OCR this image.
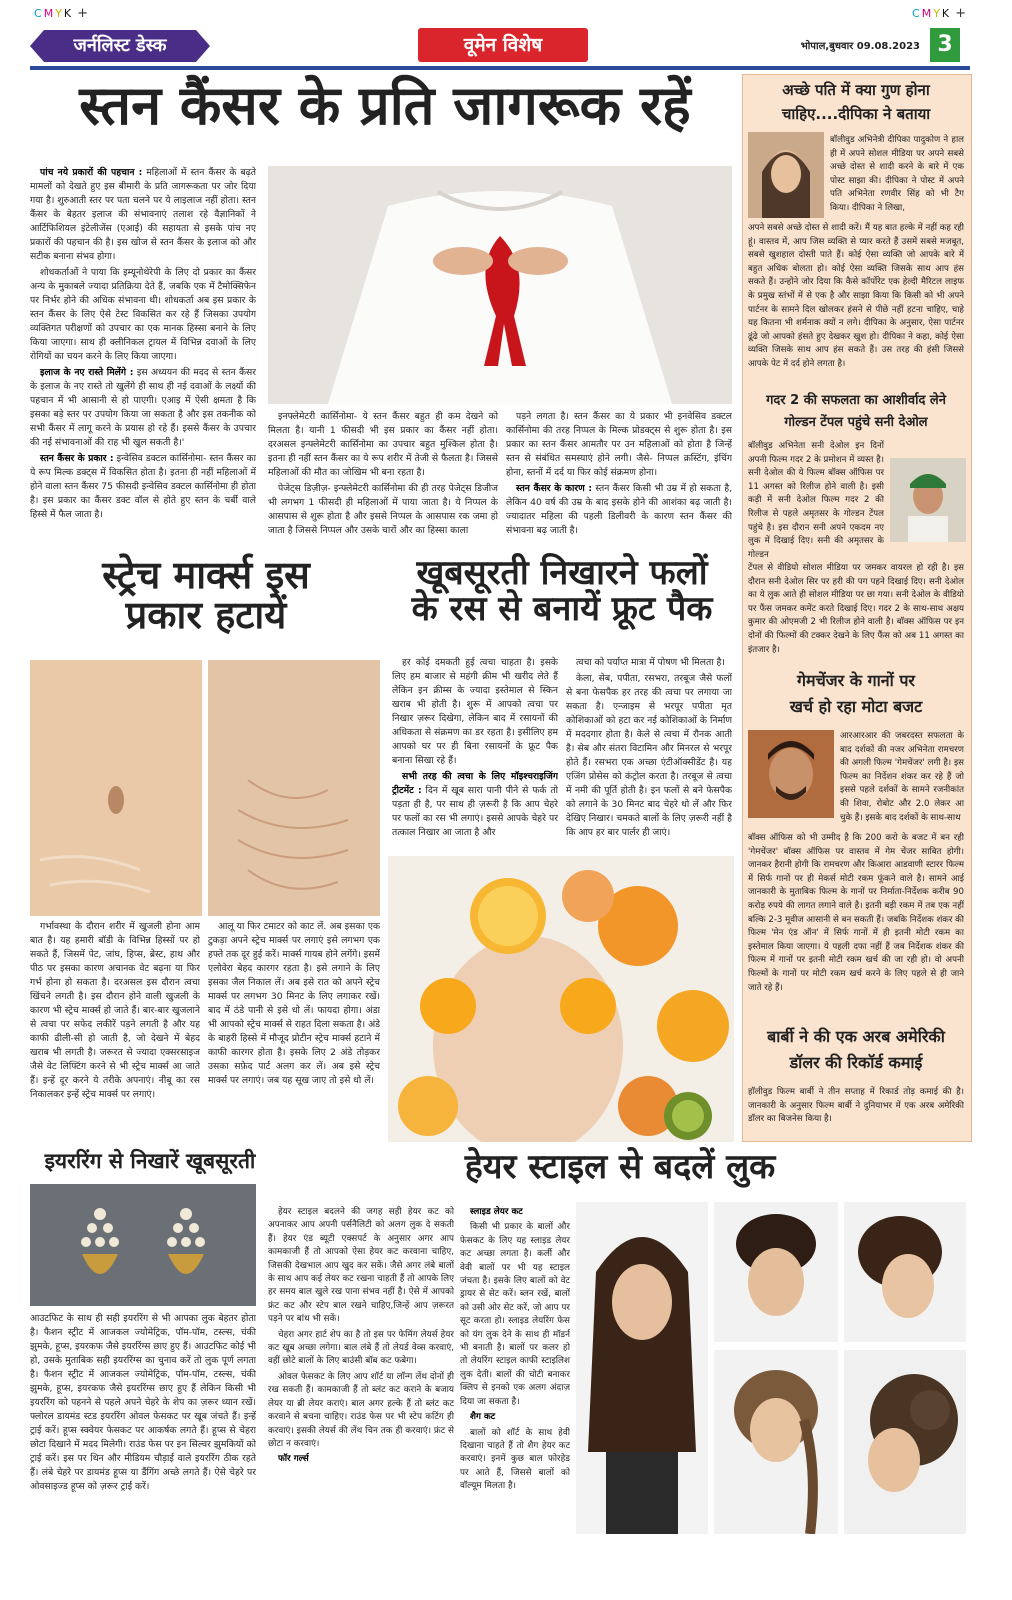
CMYK +	CMYK +
जर्नलिस्ट डेस्क	वूमेन विशेष	भोपाल,बुधवार 09.08.2023 3
स्तन कैंसर के प्रति जागरूक रहें

पांच नये प्रकारों की पहचान : महिलाओं में स्तन कैंसर के बढ़ते मामलों को देखते हुए इस बीमारी के प्रति जागरूकता पर जोर दिया गया है। शुरुआती स्तर पर पता चलने पर ये लाइलाज नहीं होता। स्तन कैंसर के बेहतर इलाज की संभावनाएं तलाश रहे वैज्ञानिकों ने आर्टिफिशियल इंटेलीजेंस (एआई) की सहायता से इसके पांच नए प्रकारों की पहचान की है। इस खोज से स्तन कैंसर के इलाज को और सटीक बनाना संभव होगा।

शोधकर्ताओं ने पाया कि इम्यूनोथेरेपी के लिए दो प्रकार का कैंसर अन्य के मुकाबले ज्यादा प्रतिक्रिया देते हैं, जबकि एक में टैमोक्सिफेन पर निर्भर होने की अधिक संभावना थी। शोधकर्ता अब इस प्रकार के स्तन कैंसर के लिए ऐसे टेस्ट विकसित कर रहे हैं जिसका उपयोग व्यक्तिगत परीक्षणों को उपचार का एक मानक हिस्सा बनाने के लिए किया जाएगा। साथ ही क्लीनिकल ट्रायल में विभिन्न दवाओं के लिए रोगियों का चयन करने के लिए किया जाएगा।

इलाज के नए रास्ते मिलेंगे : इस अध्ययन की मदद से स्तन कैंसर के इलाज के नए रास्ते तो खुलेंगे ही साथ ही नई दवाओं के लक्ष्यों की पहचान में भी आसानी से हो पाएगी। एआइ में ऐसी क्षमता है कि इसका बड़े स्तर पर उपयोग किया जा सकता है और इस तकनीक को सभी कैंसर में लागू करने के प्रयास हो रहे हैं। इससे कैंसर के उपचार की नई संभावनाओं की राह भी खुल सकती है।'

स्तन कैंसर के प्रकार : इन्वेसिव डक्टल कार्सिनोमा- स्तन कैंसर का ये रूप मिल्क डक्ट्स में विकसित होता है। इतना ही नहीं महिलाओं में होने वाला स्तन कैंसर 75 फीसदी इन्वेसिव डक्टल कार्सिनोमा ही होता है। इस प्रकार का कैंसर डक्ट वॉल से होते हुए स्तन के चर्बी वाले हिस्से में फैल जाता है।

इनफ्लेमेटरी कार्सिनोमा- ये स्तन कैंसर बहुत ही कम देखने को मिलता है। यानी 1 फीसदी भी इस प्रकार का कैंसर नहीं होता। दरअसल इन्फ्लेमेटरी कार्सिनोमा का उपचार बहुत मुश्किल होता है। इतना ही नहीं स्तन कैंसर का ये रूप शरीर में तेजी से फैलता है। जिससे महिलाओं की मौत का जोखिम भी बना रहता है।

पेजेट्स डिज़ीज़- इन्फ्लेमेटरी कार्सिनोमा की ही तरह पेजेट्स डिजीज भी लगभग 1 फीसदी ही महिलाओं में पाया जाता है। ये निप्पल के आसपास से शुरू होता है और इससे निप्पल के आसपास रक जमा हो जाता है जिससे निप्पल और उसके चारों और का हिस्सा काला

पड़ने लगता है। स्तन कैंसर का ये प्रकार भी इनवेसिव डक्टल कार्सिनोमा की तरह निप्पल के मिल्क प्रोडक्ट्स से शुरू होता है। इस प्रकार का स्तन कैंसर आमतौर पर उन महिलाओं को होता है जिन्हें स्तन से संबंधित समस्याएं होने लगी। जैसे- निप्पल क्रस्टिंग, इंचिंग होना, स्तनों में दर्द या फिर कोई संक्रमण होना।

स्तन कैंसर के कारण : स्तन कैंसर किसी भी उम्र में हो सकता है, लेकिन 40 वर्ष की उम्र के बाद इसके होने की आशंका बढ़ जाती है। ज्यादातर महिला की पहली डिलीवरी के कारण स्तन कैंसर की संभावना बढ़ जाती है।

स्ट्रेच मार्क्स इस
प्रकार हटायें

गर्भावस्था के दौरान शरीर में खुजली होना आम बात है। यह हमारी बॉडी के विभिन्न हिस्सों पर हो सकते हैं, जिसमें पेट, जांघ, हिप्स, ब्रेस्ट, हाथ और पीठ पर इसका कारण अचानक वेट बढ़ना या फिर गर्भ होना हो सकता है। दरअसल इस दौरान त्वचा खिंचने लगती है। इस दौरान होने वाली खुजली के कारण भी स्ट्रेच मार्क्स हो जाते हैं। बार-बार खुजलाने से त्वचा पर सफेद लकीरें पड़ने लगती है और यह काफी ढीली-सी हो जाती है, जो देखने में बेहद खराब भी लगती है। जरूरत से ज्यादा एक्सरसाइज जैसे वेट लिफ्टिंग करने से भी स्ट्रेच मार्क्स आ जाते हैं। इन्हें दूर करने ये तरीके अपनाएं। नीबू का रस निकालकर इन्हें स्ट्रेच मार्क्स पर लगाएं।

आलू या फिर टमाटर को काट लें. अब इसका एक टुकड़ा अपने स्ट्रेच मार्क्स पर लगाएं इसे लगभग एक हफ्ते तक दूर हुई करें। मार्क्स गायब होने लगेंगे। इसमें एलोवेरा बेहद कारगर रहता है। इसे लगाने के लिए इसका जैल निकाल लें। अब इसे रात को अपने स्ट्रेच मार्क्स पर लगभग 30 मिनट के लिए लगाकर रखें। बाद में ठंडे पानी से इसे धो लें। फायदा होगा। अंडा भी आपको स्ट्रेच मार्क्स से राहत दिला सकता है। अंडे के बाहरी हिस्से में मौजूद प्रोटीन स्ट्रेच मार्क्स हटाने में काफी कारगर होता है। इसके लिए 2 अंडे तोड़कर उसका सफ़ेद पार्ट अलग कर लें। अब इसे स्ट्रेच मार्क्स पर लगाएं। जब यह सूख जाए तो इसे धो लें।

खूबसूरती निखारने फलों
के रस से बनायें फ्रूट पैक

हर कोई दमकती हुई त्वचा चाहता है। इसके लिए हम बाजार से महंगी क्रीम भी खरीद लेते हैं लेकिन इन क्रीम्स के ज्यादा इस्तेमाल से स्किन खराब भी होती है। शुरू में आपको त्वचा पर निखार ज़रूर दिखेगा, लेकिन बाद में रसायनों की अधिकता से संक्रमण का डर रहता है। इसीलिए हम आपको घर पर ही बिना रसायनों के फ्रूट पैक बनाना सिखा रहे हैं।

सभी तरह की त्वचा के लिए मॉइश्चराइजिंग ट्रीटमेंट : दिन में खूब सारा पानी पीने से फर्क तो पड़ता ही है, पर साथ ही ज़रूरी है कि आप चेहरे पर फलों का रस भी लगाएं। इससे आपके चेहरे पर तत्काल निखार आ जाता है और

त्वचा को पर्याप्त मात्रा में पोषण भी मिलता है।

केला, सेब, पपीता, रसभरा, तरबूज जैसे फलों से बना फेसपैक हर तरह की त्वचा पर लगाया जा सकता है। एन्जाइम से भरपूर पपीता मृत कोशिकाओं को हटा कर नई कोशिकाओं के निर्माण में मददगार होता है। केले से त्वचा में रौनक आती है। सेब और संतरा विटामिन और मिनरल से भरपूर होते हैं। रसभरा एक अच्छा एंटीऑक्सीडेंट है। यह एजिंग प्रोसेस को कंट्रोल करता है। तरबूज से त्वचा में नमी की पूर्ति होती है। इन फलों से बने फेसपैक को लगाने के 30 मिनट बाद चेहरे धो लें और फिर देखिए निखार। चमकते बालों के लिए ज़रूरी नहीं है कि आप हर बार पार्लर ही जाएं।

अच्छे पति में क्या गुण होना
चाहिए....दीपिका ने बताया
बॉलीवुड अभिनेत्री दीपिका पादुकोण ने हाल ही में अपने सोशल मीडिया पर अपने सबसे अच्छे दोस्त से शादी करने के बारे में एक पोस्ट साझा की। दीपिका ने पोस्ट में अपने पति अभिनेता रणवीर सिंह को भी टैग किया। दीपिका ने लिखा,
अपने सबसे अच्छे दोस्त से शादी करें। मैं यह बात हल्के में नहीं कह रही हूं। वास्तव में, आप जिस व्यक्ति से प्यार करते हैं उसमें सबसे मजबूत, सबसे खुशहाल दोस्ती पाते हैं। कोई ऐसा व्यक्ति जो आपके बारे में बहुत अधिक बोलता हो। कोई ऐसा व्यक्ति जिसके साथ आप हंस सकते हैं। उन्होंने जोर दिया कि कैसे कॉर्पोरेट एक हेल्दी मैरिटल लाइफ के प्रमुख स्तंभों में से एक है और साझा किया कि किसी को भी अपने पार्टनर के सामने दिल खोलकर हंसने से पीछे नहीं हटना चाहिए, चाहे यह कितना भी शर्मनाक क्यों न लगे। दीपिका के अनुसार, ऐसा पार्टनर ढूंढे जो आपको हंसते हुए देखकर खुश हो। दीपिका ने कहा, कोई ऐसा व्यक्ति जिसके साथ आप हंस सकते हैं। उस तरह की हंसी जिससे आपके पेट में दर्द होने लगता है।
गदर 2 की सफलता का आशीर्वाद लेने
गोल्डन टेंपल पहुंचे सनी देओल
बॉलीवुड अभिनेता सनी देओल इन दिनों अपनी फिल्म गदर 2 के प्रमोशन में व्यस्त है। सनी देओल की ये फिल्म बॉक्स ऑफिस पर 11 अगस्त को रिलीज होने वाली है। इसी कड़ी में सनी देओल फिल्म गदर 2 की रिलीज से पहले अमृतसर के गोल्डन टेंपल पहुंचे है। इस दौरान सनी अपने एकदम नए लुक में दिखाई दिए। सनी की अमृतसर के गोल्डन
टेंपल से वीडियो सोशल मीडिया पर जमकर वायरल हो रही है। इस दौरान सनी देओल सिर पर हरी की पग पहने दिखाई दिए। सनी देओल का ये लुक आते ही सोशल मीडिया पर छा गया। सनी देओल के वीडियो पर फैंस जमकर कमेंट करते दिखाई दिए। गदर 2 के साथ-साथ अक्षय कुमार की ओएमजी 2 भी रिलीज होने वाली है। बॉक्स ऑफिस पर इन दोनों की फिल्मों की टक्कर देखने के लिए फैंस को अब 11 अगस्त का इंतजार है।
गेमचेंजर के गानों पर
खर्च हो रहा मोटा बजट
आरआरआर की जबरदस्त सफलता के बाद दर्शकों की नजर अभिनेता रामचरण की अगली फिल्म 'गेमचेंजर' लगी है। इस फिल्म का निर्देशन शंकर कर रहे हैं जो इससे पहले दर्शकों के सामने रजनीकांत की शिवा, रोबोट और 2.0 लेकर आ चुके हैं। इसके बाद दर्शकों के साथ-साथ
बॉक्स ऑफिस को भी उम्मीद है कि 200 करो के बजट में बन रही 'गेमचेंजर' बॉक्स ऑफिस पर वास्तव में गेम चेंजर साबित होगी। जानकर हैरानी होगी कि रामचरण और किआरा आडवाणी स्टारर फिल्म में सिर्फ गानों पर ही मेकर्स मोटी रकम फूंकने वाले है। सामने आई जानकारी के मुताबिक फिल्म के गानों पर निर्माता-निर्देशक करीब 90 करोड़ रुपये की लागत लगाने वाले है। इतनी बड़ी रकम में तब एक नहीं बल्कि 2-3 मूवीज आसानी से बन सकती हैं। जबकि निर्देशक शंकर की फिल्म 'मेन एंड ऑन' में सिर्फ गानों में ही इतनी मोटी रकम का इस्तेमाल किया जाएगा। ये पहली दफा नहीं हैं जब निर्देशक शंकर की फिल्म में गानों पर इतनी मोटी रकम खर्च की जा रही हो। वो अपनी फिल्मों के गानों पर मोटी रकम खर्च करने के लिए पहले से ही जाने जाते रहे हैं।
बार्बी ने की एक अरब अमेरिकी
डॉलर की रिकॉर्ड कमाई
हॉलीवुड फिल्म बार्बी ने तीन सप्ताह में रिकार्ड तोड़ कमाई की है। जानकारी के अनुसार फिल्म बार्बी ने दुनियाभर में एक अरब अमेरिकी डॉलर का बिजनेस किया है।
इयररिंग से निखारें खूबसूरती
आउटफिट के साथ ही सही इयररिंग से भी आपका लुक बेहतर होता है। फैशन स्ट्रीट में आजकल ज्योमेट्रिक, पॉम-पॉम, टस्ल्स, चंकी झुमके, हूप्स, इयरकफ जैसे इयररिंग्स छाए हुए हैं। आउटफिट कोई भी हो, उसके मुताबिक सही इयररिंग्स का चुनाव करें तो लुक पूर्ण लगता है। फैशन स्ट्रीट में आजकल ज्योमेट्रिक, पॉम-पॉम, टस्ल्स, चंकी झुमके, हूप्स, इयरकफ जैसे इयररिंग्स छाए हुए हैं लेकिन किसी भी इयररिंग को पहनने से पहले अपने चेहरे के शेप का ज़रूर ध्यान रखें। फ्लोरल डायमंड स्टड इयररिंग ओवल फेसकट पर खूब जंचते हैं। इन्हें ट्राई करें। हूप्स स्क्वेयर फेसकट पर आकर्षक लगते हैं। हूप्स से चेहरा छोटा दिखाने में मदद मिलेगी। राउंड फेस पर इन सिल्वर झुमकियों को ट्राई करें। इस पर थिन और मीडियम चौड़ाई वाले इयररिंग ठीक रहते हैं। लंबे चेहरे पर डायमंड हूप्स या डैंगिंग अच्छे लगते हैं। ऐसे चेहरे पर ओवसाइज्ड हूप्स को ज़रूर ट्राई करें।
हेयर स्टाइल से बदलें लुक

हेयर स्टाइल बदलने की जगह सही हेयर कट को अपनाकर आप अपनी पर्सनैलिटी को अलग लुक दे सकती हैं। हेयर एंड ब्यूटी एक्सपर्ट के अनुसार अगर आप कामकाजी हैं तो आपको ऐसा हेयर कट करवाना चाहिए, जिसकी देखभाल आप खुद कर सकें। जैसे अगर लंबे बालों के साथ आप कई लेयर कट रखना चाहती हैं तो आपके लिए हर समय बाल खुले रख पाना संभव नहीं है। ऐसे में आपको फ्रंट कट और स्टेप बाल रखने चाहिए,जिन्हें आप ज़रूरत पड़ने पर बांध भी सकें।

चेहरा अगर हार्ट शेप का है तो इस पर फेमिंग लेयर्स हेयर कट खूब अच्छा लगेगा। बाल लंबे हैं तो लेयर्ड वेव्स करवाएं, वहीं छोटे बालों के लिए बाउंसी बॉब कट फबेगा।

ओवल फेसकट के लिए आप शॉर्ट या लॉन्ग लेंथ दोनों ही रख सकती हैं। कामकाजी हैं तो ब्लंट कट कराने के बजाय लेयर या ब्री लेयर कराएं। बाल अगर हल्के हैं तो ब्लंट कट करवाने से बचना चाहिए। राउंड फेस पर भी स्टेप कटिंग ही करवाएं। इसकी लेयर्स की लेंथ चिन तक ही करवाएं। फ्रंट से छोटा न करवाएं।

फॉर गर्ल्स

स्लाइड लेयर कट

किसी भी प्रकार के बालों और फेसकट के लिए यह स्लाइड लेयर कट अच्छा लगता है। कर्ली और वेवी बालों पर भी यह स्टाइल जंचता है। इसके लिए बालों को वेट ड्रायर से सेट करें। ब्लन रखें, बालों को उसी ओर सेट करें, जो आप पर सूट करता हो। स्लाइड लेयरिंग फेस को यंग लुक देने के साथ ही मॉडर्न भी बनाती है। बालों पर कलर हो तो लेयरिंग स्टाइल काफी स्टाइलिश लुक देती। बालों की चोटी बनाकर क्लिप से इनको एक अलग अंदाज़ दिया जा सकता है।

शैग कट

बालों को शॉर्ट के साथ हेवी दिखाना चाहते हैं तो शैग हेयर कट करवाएं। इनमें कुछ बाल फोरहेड पर आते हैं, जिससे बालों को वॉल्यूम मिलता है।
